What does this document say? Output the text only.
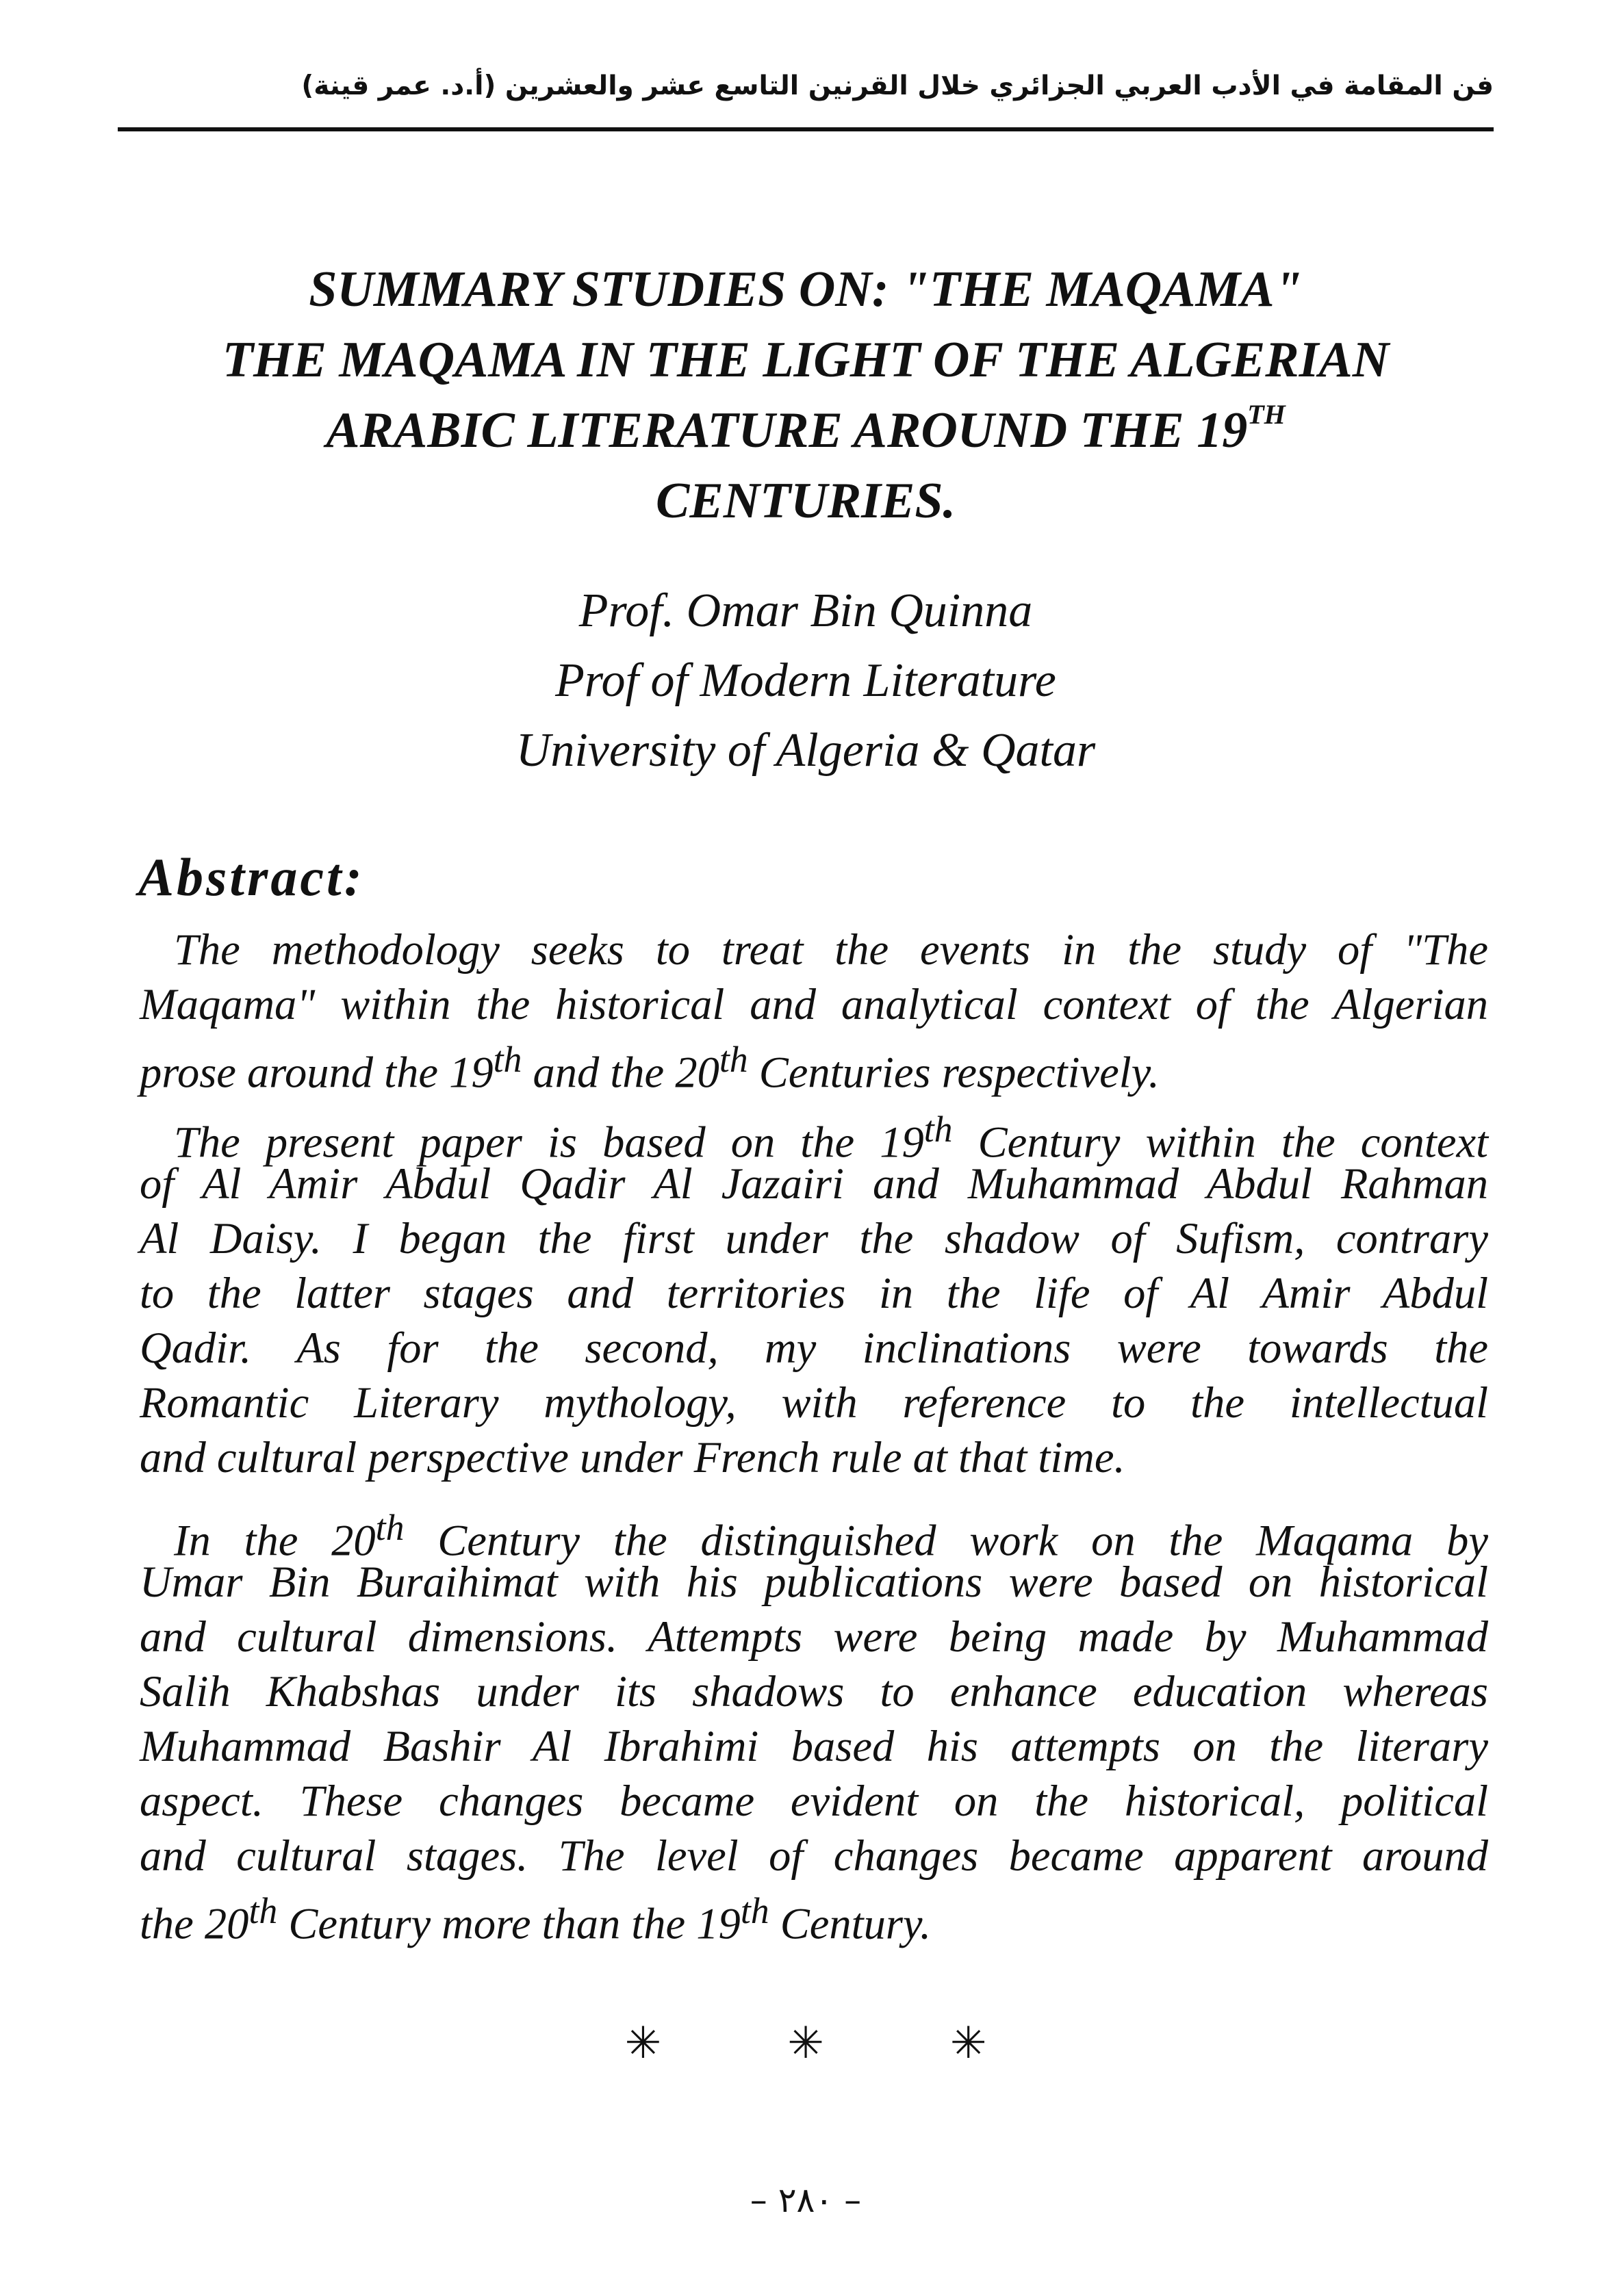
فن المقامة في الأدب العربي الجزائري خلال القرنين التاسع عشر والعشرين (أ.د. عمر قينة)
SUMMARY STUDIES ON: "THE MAQAMA"
THE MAQAMA IN THE LIGHT OF THE ALGERIAN
ARABIC LITERATURE AROUND THE 19TH
CENTURIES.
Prof. Omar Bin Quinna
Prof of Modern Literature
University of Algeria & Qatar
Abstract:
The methodology seeks to treat the events in the study of "The
Maqama" within the historical and analytical context of the Algerian
prose around the 19th and the 20th Centuries respectively.
The present paper is based on the 19th Century within the context
of Al Amir Abdul Qadir Al Jazairi and Muhammad Abdul Rahman
Al Daisy. I began the first under the shadow of Sufism, contrary
to the latter stages and territories in the life of Al Amir Abdul
Qadir. As for the second, my inclinations were towards the
Romantic Literary mythology, with reference to the intellectual
and cultural perspective under French rule at that time.
In the 20th Century the distinguished work on the Maqama by
Umar Bin Buraihimat with his publications were based on historical
and cultural dimensions. Attempts were being made by Muhammad
Salih Khabshas under its shadows to enhance education whereas
Muhammad Bashir Al Ibrahimi based his attempts on the literary
aspect. These changes became evident on the historical, political
and cultural stages. The level of changes became apparent around
the 20th Century more than the 19th Century.
✳	✳	✳
– ٢٨٠ –
